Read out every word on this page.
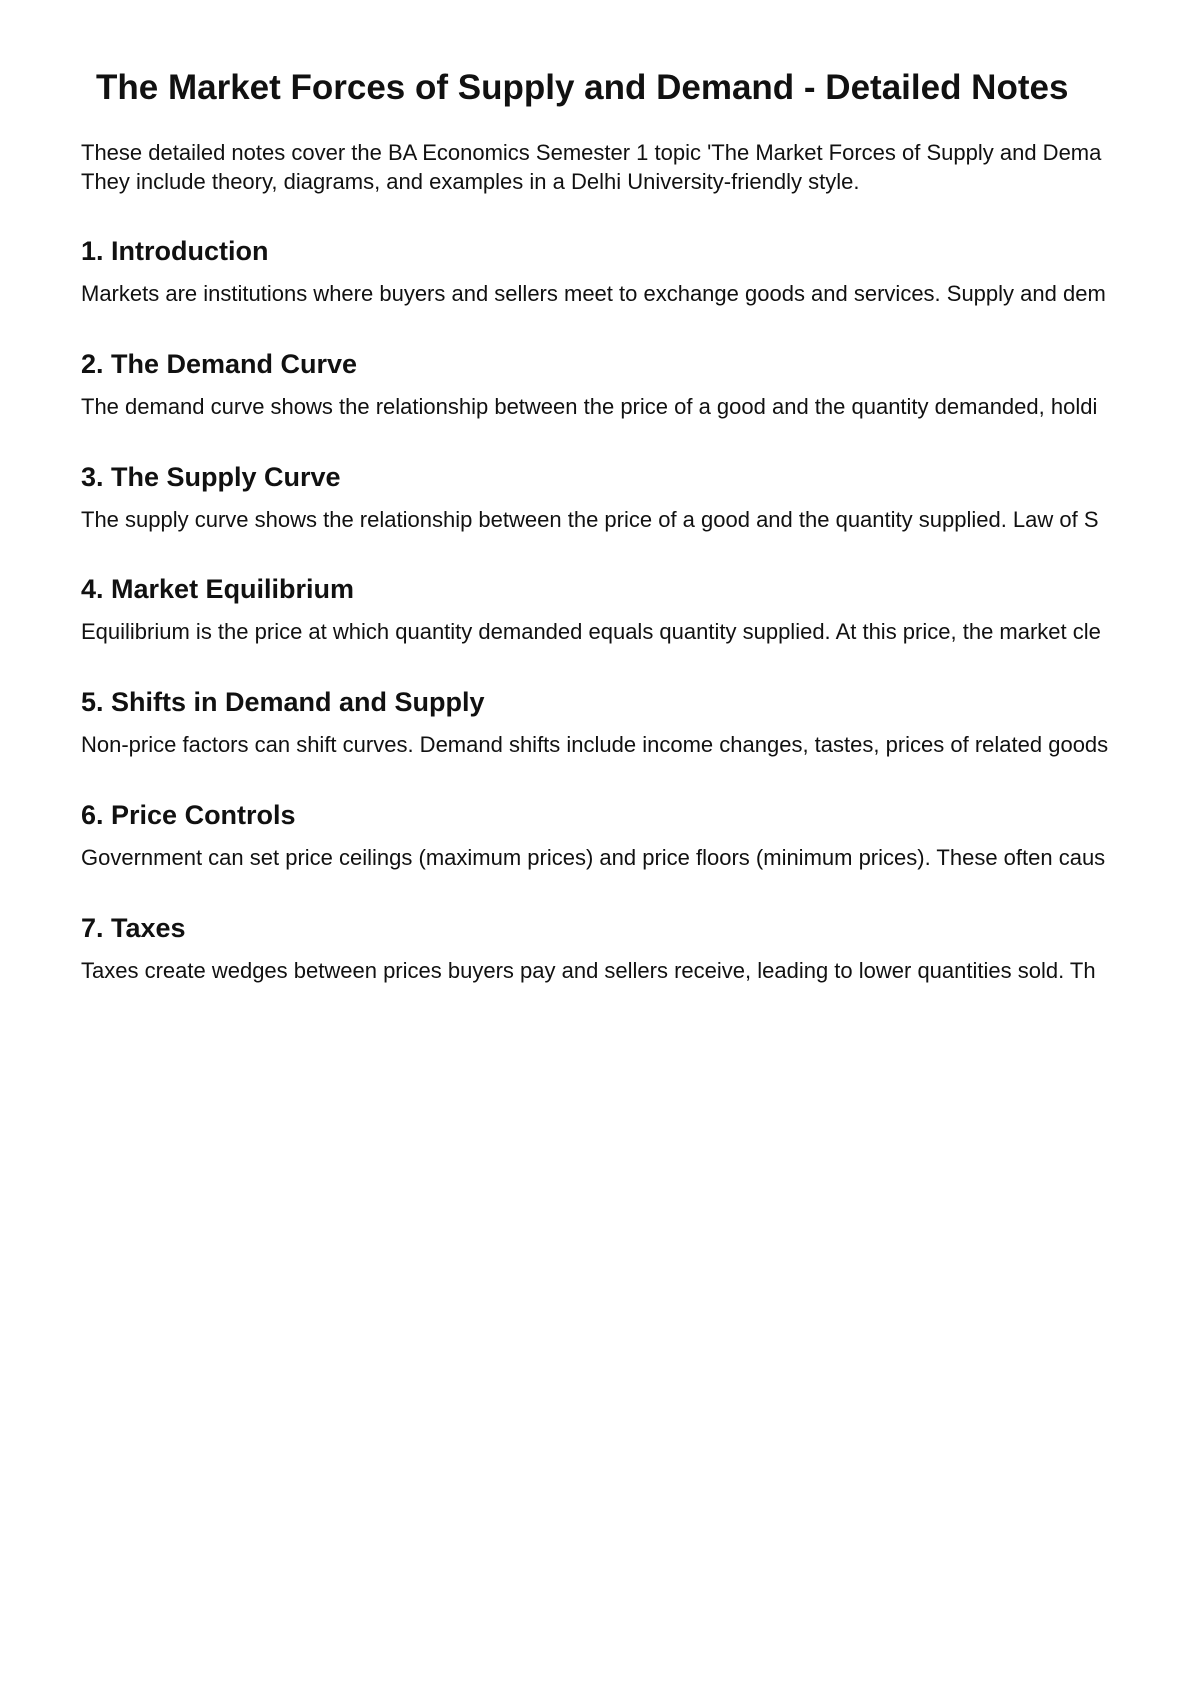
The Market Forces of Supply and Demand - Detailed Notes

These detailed notes cover the BA Economics Semester 1 topic 'The Market Forces of Supply and Dema
They include theory, diagrams, and examples in a Delhi University-friendly style.

1. Introduction

Markets are institutions where buyers and sellers meet to exchange goods and services. Supply and dem

2. The Demand Curve

The demand curve shows the relationship between the price of a good and the quantity demanded, holdi

3. The Supply Curve

The supply curve shows the relationship between the price of a good and the quantity supplied. Law of S

4. Market Equilibrium

Equilibrium is the price at which quantity demanded equals quantity supplied. At this price, the market cle

5. Shifts in Demand and Supply

Non-price factors can shift curves. Demand shifts include income changes, tastes, prices of related goods

6. Price Controls

Government can set price ceilings (maximum prices) and price floors (minimum prices). These often caus

7. Taxes

Taxes create wedges between prices buyers pay and sellers receive, leading to lower quantities sold. Th
